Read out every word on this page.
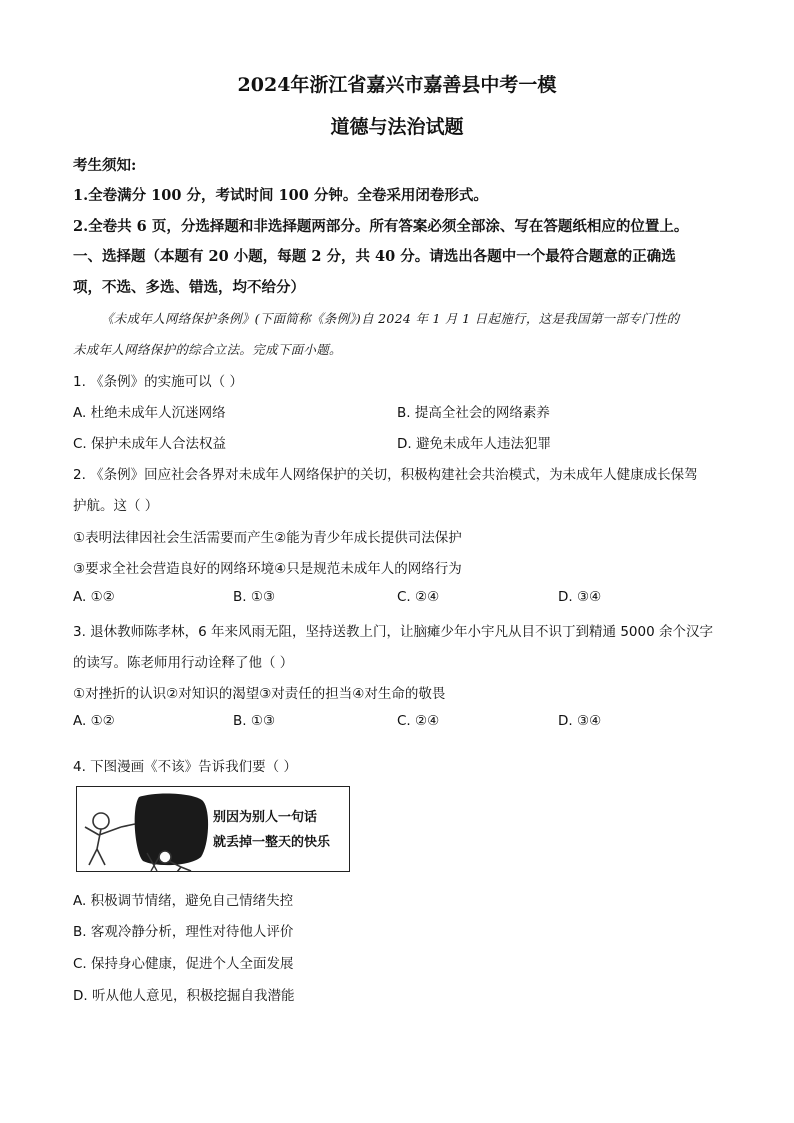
2024年浙江省嘉兴市嘉善县中考一模
道德与法治试题
考生须知:
1.全卷满分 100 分，考试时间 100 分钟。全卷采用闭卷形式。
2.全卷共 6 页，分选择题和非选择题两部分。所有答案必须全部涂、写在答题纸相应的位置上。
一、选择题（本题有 20 小题，每题 2 分，共 40 分。请选出各题中一个最符合题意的正确选
项，不选、多选、错选，均不给分）
《未成年人网络保护条例》(下面简称《条例》)自 2024 年 1 月 1 日起施行，这是我国第一部专门性的
未成年人网络保护的综合立法。完成下面小题。
1. 《条例》的实施可以（ ）
A. 杜绝未成年人沉迷网络	B. 提高全社会的网络素养
C. 保护未成年人合法权益	D. 避免未成年人违法犯罪
2. 《条例》回应社会各界对未成年人网络保护的关切，积极构建社会共治模式，为未成年人健康成长保驾
护航。这（ ）
①表明法律因社会生活需要而产生②能为青少年成长提供司法保护
③要求全社会营造良好的网络环境④只是规范未成年人的网络行为
A. ①②	B. ①③	C. ②④	D. ③④
3. 退休教师陈孝林，6 年来风雨无阻，坚持送教上门，让脑瘫少年小宇凡从目不识丁到精通 5000 余个汉字
的读写。陈老师用行动诠释了他（ ）
①对挫折的认识②对知识的渴望③对责任的担当④对生命的敬畏
A. ①②	B. ①③	C. ②④	D. ③④
4. 下图漫画《不该》告诉我们要（ ）
别因为别人一句话
就丢掉一整天的快乐
A. 积极调节情绪，避免自己情绪失控
B. 客观冷静分析，理性对待他人评价
C. 保持身心健康，促进个人全面发展
D. 听从他人意见，积极挖掘自我潜能
